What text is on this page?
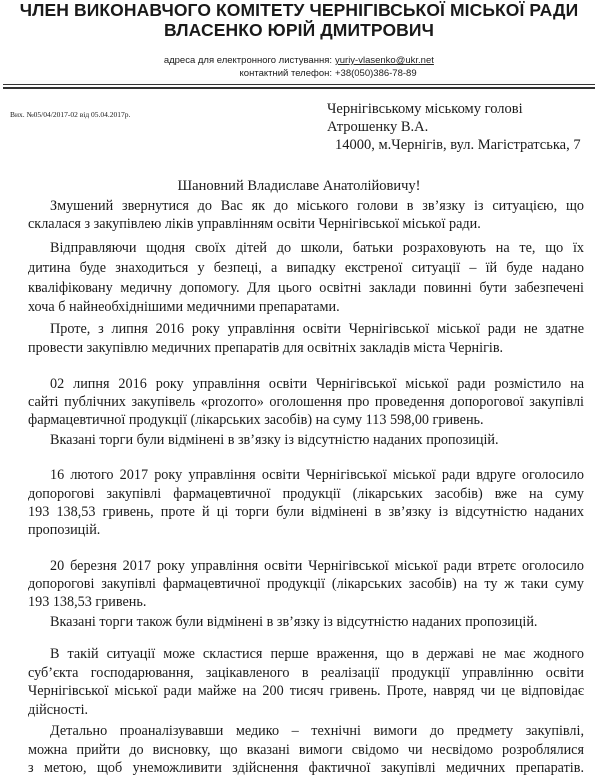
ЧЛЕН ВИКОНАВЧОГО КОМІТЕТУ ЧЕРНІГІВСЬКОЇ МІСЬКОЇ РАДИ
ВЛАСЕНКО ЮРІЙ ДМИТРОВИЧ
адреса для електронного листування: yuriy-vlasenko@ukr.net
контактний телефон: +38(050)386-78-89
Вих. №05/04/2017-02 від 05.04.2017р.	Чернігівському міському голові
Атрошенку В.А.
14000, м.Чернігів, вул. Магістратська, 7
Шановний Владиславе Анатолійовичу!
Змушений звернутися до Вас як до міського голови в зв’язку із ситуацією, що
склалася з закупівлею ліків управлінням освіти Чернігівської міської ради.
Відправляючи щодня своїх дітей до школи, батьки розраховують на те, що їх
дитина буде знаходиться у безпеці, а випадку екстреної ситуації – їй буде надано
кваліфіковану медичну допомогу. Для цього освітні заклади повинні бути забезпечені
хоча б найнеобхіднішими медичними препаратами.
Проте, з липня 2016 року управління освіти Чернігівської міської ради не здатне
провести закупівлю медичних препаратів для освітніх закладів міста Чернігів.
02 липня 2016 року управління освіти Чернігівської міської ради розмістило на
сайті публічних закупівель «prozorro» оголошення про проведення допорогової закупівлі
фармацевтичної продукції (лікарських засобів) на суму 113 598,00 гривень.
Вказані торги були відмінені в зв’язку із відсутністю наданих пропозицій.
16 лютого 2017 року управління освіти Чернігівської міської ради вдруге оголосило
допорогові закупівлі фармацевтичної продукції (лікарських засобів) вже на суму
193 138,53 гривень, проте й ці торги були відмінені в зв’язку із відсутністю наданих
пропозицій.
20 березня 2017 року управління освіти Чернігівської міської ради втретє оголосило
допорогові закупівлі фармацевтичної продукції (лікарських засобів) на ту ж таки суму
193 138,53 гривень.
Вказані торги також були відмінені в зв’язку із відсутністю наданих пропозицій.
В такій ситуації може скластися перше враження, що в державі не має жодного
суб’єкта господарювання, зацікавленого в реалізації продукції управлінню освіти
Чернігівської міської ради майже на 200 тисяч гривень. Проте, навряд чи це відповідає
дійсності.
Детально проаналізувавши медико – технічні вимоги до предмету закупівлі,
можна прийти до висновку, що вказані вимоги свідомо чи несвідомо розроблялися
з метою, щоб унеможливити здійснення фактичної закупівлі медичних препаратів.
